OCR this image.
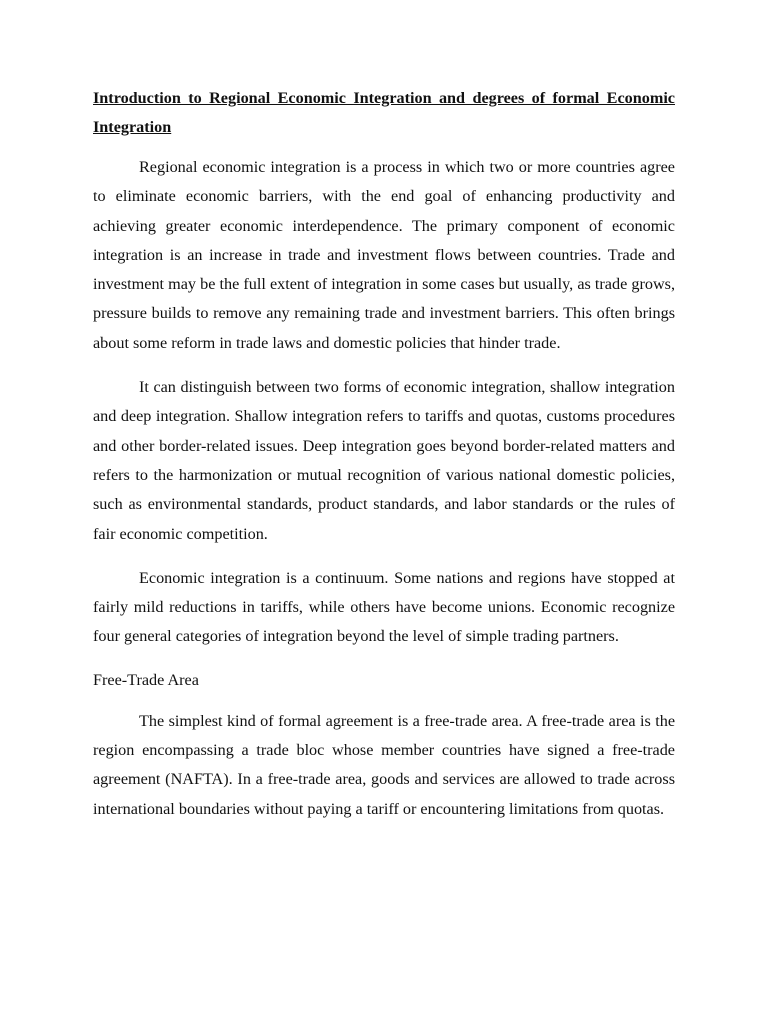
Introduction to Regional Economic Integration and degrees of formal Economic Integration

Regional economic integration is a process in which two or more countries agree to eliminate economic barriers, with the end goal of enhancing productivity and achieving greater economic interdependence. The primary component of economic integration is an increase in trade and investment flows between countries. Trade and investment may be the full extent of integration in some cases but usually, as trade grows, pressure builds to remove any remaining trade and investment barriers. This often brings about some reform in trade laws and domestic policies that hinder trade.

It can distinguish between two forms of economic integration, shallow integration and deep integration. Shallow integration refers to tariffs and quotas, customs procedures and other border-related issues. Deep integration goes beyond border-related matters and refers to the harmonization or mutual recognition of various national domestic policies, such as environmental standards, product standards, and labor standards or the rules of fair economic competition.

Economic integration is a continuum. Some nations and regions have stopped at fairly mild reductions in tariffs, while others have become unions. Economic recognize four general categories of integration beyond the level of simple trading partners.

Free-Trade Area

The simplest kind of formal agreement is a free-trade area. A free-trade area is the region encompassing a trade bloc whose member countries have signed a free-trade agreement (NAFTA). In a free-trade area, goods and services are allowed to trade across international boundaries without paying a tariff or encountering limitations from quotas.
